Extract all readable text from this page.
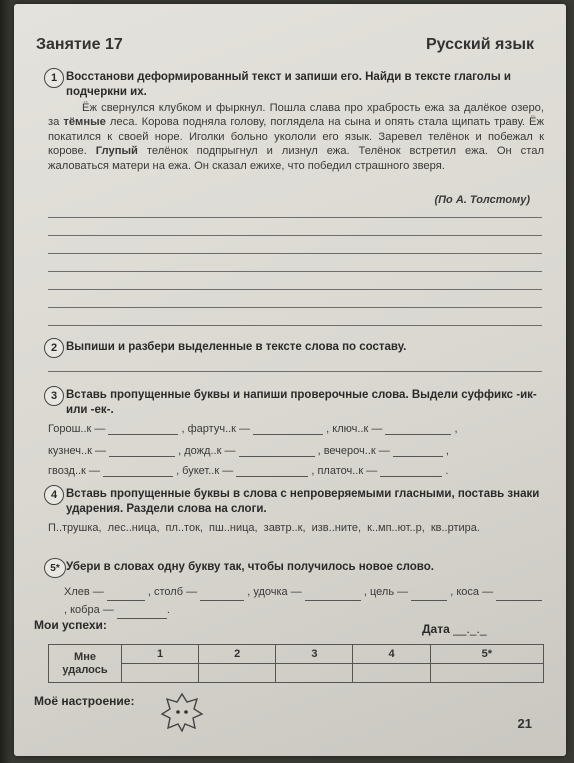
Занятие 17	Русский язык
1 Восстанови деформированный текст и запиши его. Найди в тексте глаголы и подчеркни их.
Ёж свернулся клубком и фыркнул. Пошла слава про храбрость ежа за далёкое озеро, за тёмные леса. Корова подняла голову, поглядела на сына и опять стала щипать траву. Ёж покатился к своей норе. Иголки больно укололи его язык. Заревел телёнок и побежал к корове. Глупый телёнок подпрыгнул и лизнул ежа. Телёнок встретил ежа. Он стал жаловаться матери на ежа. Он сказал ежихе, что победил страшного зверя.
(По А. Толстому)
2 Выпиши и разбери выделенные в тексте слова по составу.
3 Вставь пропущенные буквы и напиши проверочные слова. Выдели суффикс -ик- или -ек-.
Горош..к —	, фартуч..к —	, ключ..к —	,
кузнеч..к —	, дожд..к —	, вечероч..к —	,
гвозд..к —	, букет..к —	, платоч..к —	.
4 Вставь пропущенные буквы в слова с непроверяемыми гласными, поставь знаки ударения. Раздели слова на слоги.
П..трушка, лес..ница, пл..ток, пш..ница, завтр..к, изв..ните, к..мп..ют..р, кв..ртира.
5* Убери в словах одну букву так, чтобы получилось новое слово.
Хлев —	, столб —	, удочка —	, цель —	, коса —  , кобра —	.
Мои успехи:	Дата __._._
Мне
удалось	1	2	3	4	5*

Моё настроение:
21
